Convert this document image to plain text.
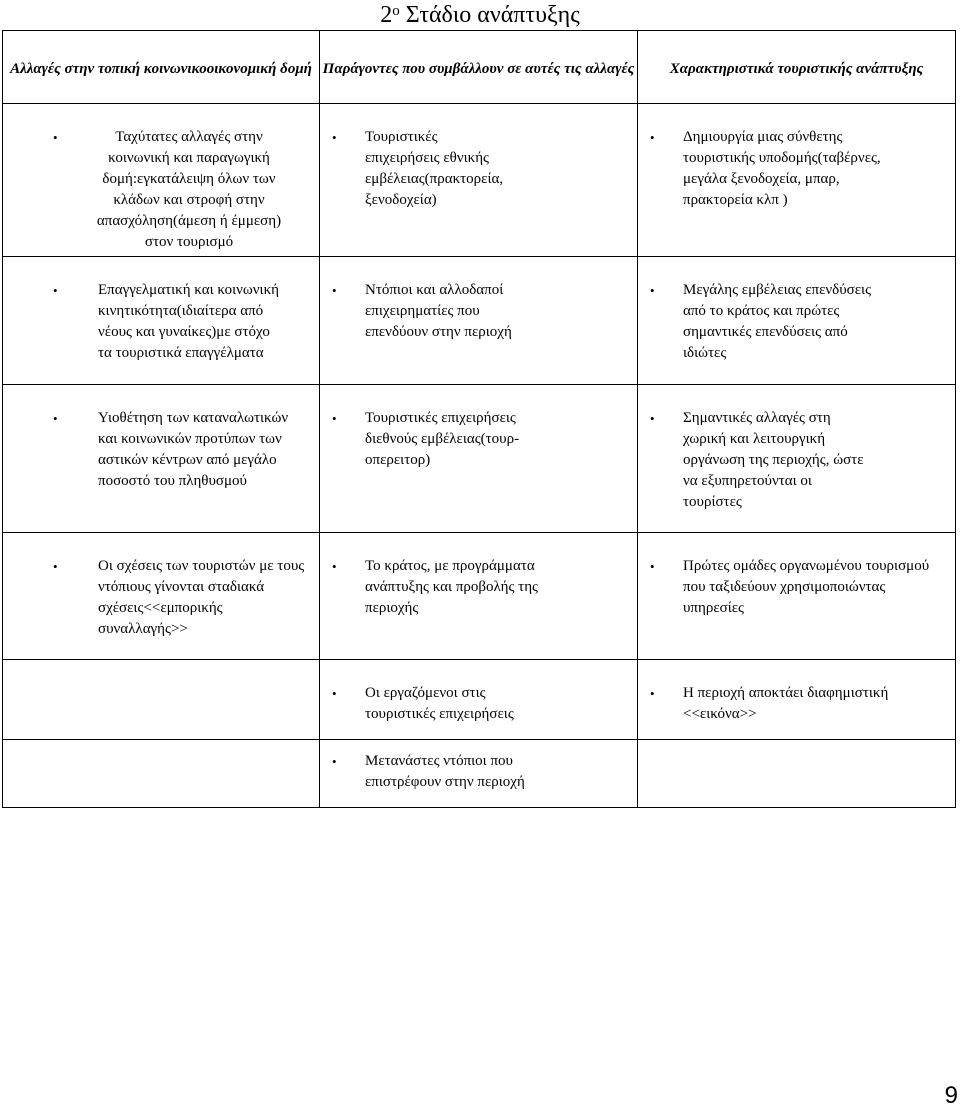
$2^o$ Στάδιο ανάπτυξης
Αλλαγές στην τοπική κοινωνικοοικονομική δομή	Παράγοντες που συμβάλλουν σε αυτές τις αλλαγές	Χαρακτηριστικά τουριστικής ανάπτυξης

• Ταχύτατες αλλαγές στην κοινωνική και παραγωγική δομή:εγκατάλειψη όλων των κλάδων και στροφή στην απασχόληση(άμεση ή έμμεση) στον τουρισμό	• Τουριστικές επιχειρήσεις εθνικής εμβέλειας(πρακτορεία, ξενοδοχεία)	• Δημιουργία μιας σύνθετης τουριστικής υποδομής(ταβέρνες, μεγάλα ξενοδοχεία, μπαρ, πρακτορεία κλπ )

• Επαγγελματική και κοινωνική κινητικότητα(ιδιαίτερα από νέους και γυναίκες)με στόχο τα τουριστικά επαγγέλματα	• Ντόπιοι και αλλοδαποί επιχειρηματίες που επενδύουν στην περιοχή	• Μεγάλης εμβέλειας επενδύσεις από το κράτος και πρώτες σημαντικές επενδύσεις από ιδιώτες

• Υιοθέτηση των καταναλωτικών και κοινωνικών προτύπων των αστικών κέντρων από μεγάλο ποσοστό του πληθυσμού	• Τουριστικές επιχειρήσεις διεθνούς εμβέλειας(τουρ-οπερειτορ)	• Σημαντικές αλλαγές στη χωρική και λειτουργική οργάνωση της περιοχής, ώστε να εξυπηρετούνται οι τουρίστες

• Οι σχέσεις των τουριστών με τους ντόπιους γίνονται σταδιακά σχέσεις<<εμπορικής συναλλαγής>>	• Το κράτος, με προγράμματα ανάπτυξης και προβολής της περιοχής	• Πρώτες ομάδες οργανωμένου τουρισμού που ταξιδεύουν χρησιμοποιώντας υπηρεσίες

	• Οι εργαζόμενοι στις τουριστικές επιχειρήσεις	• Η περιοχή αποκτάει διαφημιστική <<εικόνα>>

	• Μετανάστες ντόπιοι που επιστρέφουν στην περιοχή	

9
